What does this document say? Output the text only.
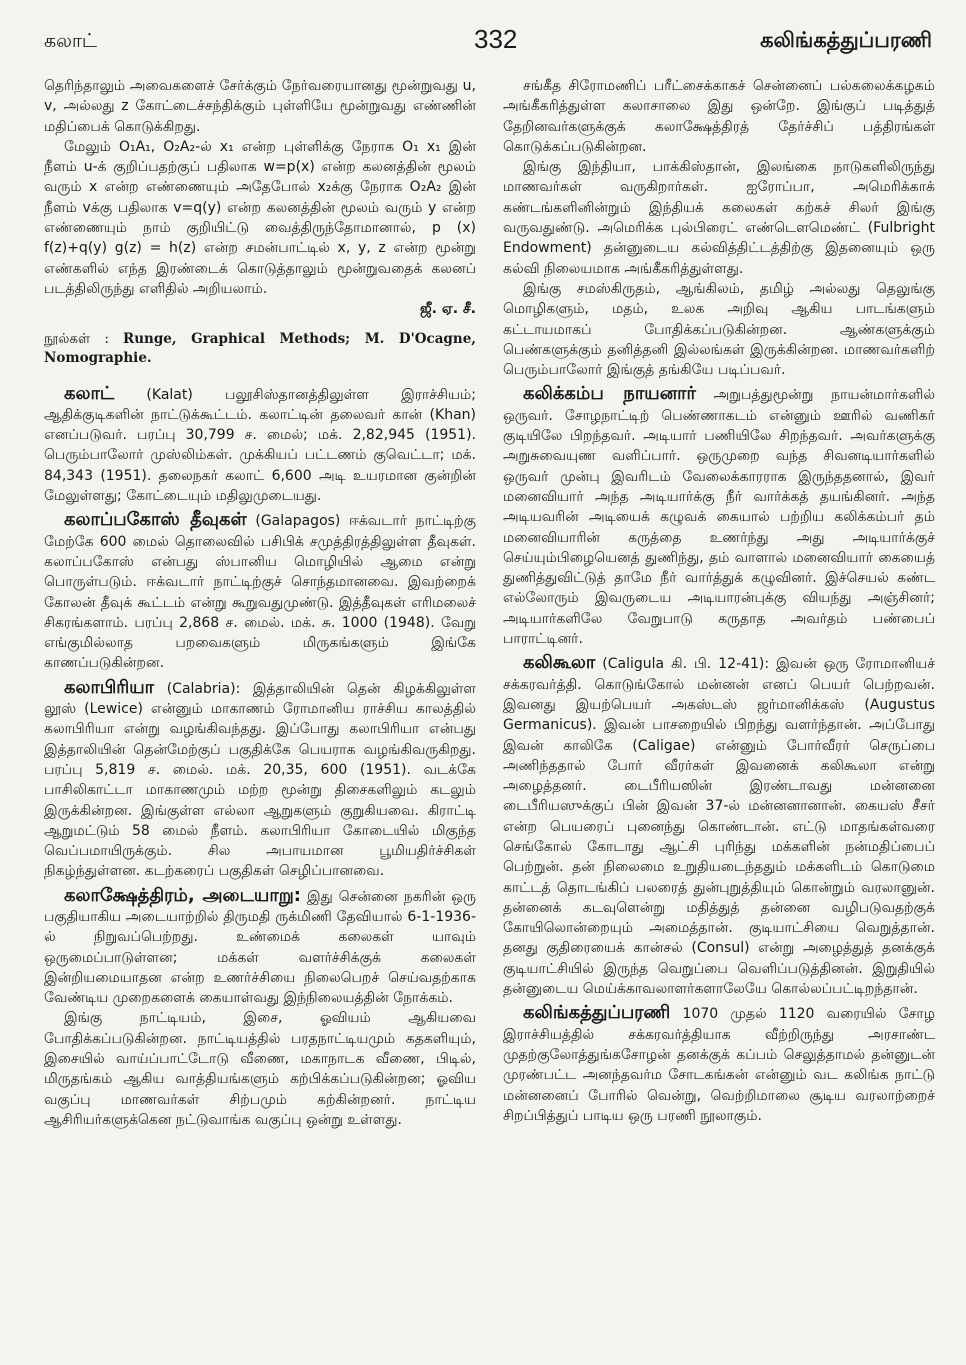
கலாட்	332	கலிங்கத்துப்பரணி

தெரிந்தாலும் அவைகளைச் சேர்க்கும் நேர்வரையானது மூன்றுவது u, v, அல்லது z கோட்டைச்சந்திக்கும் புள்ளியே மூன்றுவது எண்ணின் மதிப்பைக் கொடுக்கிறது.

மேலும் O₁A₁, O₂A₂-ல் x₁ என்ற புள்ளிக்கு நேராக O₁ x₁ இன் நீளம் u-க் குறிப்பதற்குப் பதிலாக w=p(x) என்ற கலனத்தின் மூலம் வரும் x என்ற எண்ணையும் அதேபோல் x₂க்கு நேராக O₂A₂ இன் நீளம் vக்கு பதிலாக v=q(y) என்ற கலனத்தின் மூலம் வரும் y என்ற எண்ணையும் நாம் குறியிட்டு வைத்திருந்தோமானால், p (x) f(z)+q(y) g(z) = h(z) என்ற சமன்பாட்டில் x, y, z என்ற மூன்று எண்களில் எந்த இரண்டைக் கொடுத்தாலும் மூன்றுவதைக் கலனப் படத்திலிருந்து எளிதில் அறியலாம்.

ஜீ. ஏ. சீ.

நூல்கள் : Runge, Graphical Methods; M. D'Ocagne, Nomographie.

கலாட் (Kalat) பலூசிஸ்தானத்திலுள்ள இராச்சியம்; ஆதிக்குடிகளின் நாட்டுக்கூட்டம். கலாட்டின் தலைவர் கான் (Khan) எனப்படுவர். பரப்பு 30,799 ச. மைல்; மக். 2,82,945 (1951). பெரும்பாலோர் முஸ்லிம்கள். முக்கியப் பட்டணம் குவெட்டா; மக். 84,343 (1951). தலைநகர் கலாட் 6,600 அடி உயரமான குன்றின் மேலுள்ளது; கோட்டையும் மதிலுமுடையது.

கலாப்பகோஸ் தீவுகள் (Galapagos) ஈக்வடார் நாட்டிற்கு மேற்கே 600 மைல் தொலைவில் பசிபிக் சமுத்திரத்திலுள்ள தீவுகள். கலாப்பகோஸ் என்பது ஸ்பானிய மொழியில் ஆமை என்று பொருள்படும். ஈக்வடார் நாட்டிற்குச் சொந்தமானவை. இவற்றைக் கோலன் தீவுக் கூட்டம் என்று கூறுவதுமுண்டு. இத்தீவுகள் எரிமலைச் சிகரங்களாம். பரப்பு 2,868 ச. மைல். மக். சு. 1000 (1948). வேறு எங்குமில்லாத பறவைகளும் மிருகங்களும் இங்கே காணப்படுகின்றன.

கலாபிரியா (Calabria): இத்தாலியின் தென் கிழக்கிலுள்ள லூஸ் (Lewice) என்னும் மாகாணம் ரோமானிய ராச்சிய காலத்தில் கலாபிரியா என்று வழங்கிவந்தது. இப்போது கலாபிரியா என்பது இத்தாலியின் தென்மேற்குப் பகுதிக்கே பெயராக வழங்கிவருகிறது. பரப்பு 5,819 ச. மைல். மக். 20,35, 600 (1951). வடக்கே பாசிலிகாட்டா மாகாணமும் மற்ற மூன்று திசைகளிலும் கடலும் இருக்கின்றன. இங்குள்ள எல்லா ஆறுகளும் குறுகியவை. கிராட்டி ஆறுமட்டும் 58 மைல் நீளம். கலாபிரியா கோடையில் மிகுந்த வெப்பமாயிருக்கும். சில அபாயமான பூமியதிர்ச்சிகள் நிகழ்ந்துள்ளன. கடற்கரைப் பகுதிகள் செழிப்பானவை.

கலாக்ஷேத்திரம், அடையாறு: இது சென்னை நகரின் ஒரு பகுதியாகிய அடையாற்றில் திருமதி ருக்மிணி தேவியால் 6-1-1936-ல் நிறுவப்பெற்றது. உண்மைக் கலைகள் யாவும் ஒருமைப்பாடுள்ளன; மக்கள் வளர்ச்சிக்குக் கலைகள் இன்றியமையாதன என்ற உணர்ச்சியை நிலைபெறச் செய்வதற்காக வேண்டிய முறைகளைக் கையாள்வது இந்நிலையத்தின் நோக்கம்.

இங்கு நாட்டியம், இசை, ஓவியம் ஆகியவை போதிக்கப்படுகின்றன. நாட்டியத்தில் பரதநாட்டியமும் கதகளியும், இசையில் வாய்ப்பாட்டோடு வீணை, மகாநாடக வீணை, பிடில், மிருதங்கம் ஆகிய வாத்தியங்களும் கற்பிக்கப்படுகின்றன; ஓவிய வகுப்பு மாணவர்கள் சிற்பமும் கற்கின்றனர். நாட்டிய ஆசிரியர்களுக்கென நட்டுவாங்க வகுப்பு ஒன்று உள்ளது.

சங்கீத சிரோமணிப் பரீட்சைக்காகச் சென்னைப் பல்கலைக்கழகம் அங்கீகரித்துள்ள கலாசாலை இது ஒன்றே. இங்குப் படித்துத் தேறினவர்களுக்குக் கலாக்ஷேத்திரத் தேர்ச்சிப் பத்திரங்கள் கொடுக்கப்படுகின்றன.

இங்கு இந்தியா, பாக்கிஸ்தான், இலங்கை நாடுகளிலிருந்து மாணவர்கள் வருகிறார்கள். ஐரோப்பா, அமெரிக்காக் கண்டங்களினின்றும் இந்தியக் கலைகள் கற்கச் சிலர் இங்கு வருவதுண்டு. அமெரிக்க புல்பிரைட் எண்டௌமெண்ட் (Fulbright Endowment) தன்னுடைய கல்வித்திட்டத்திற்கு இதனையும் ஒரு கல்வி நிலையமாக அங்கீகரித்துள்ளது.

இங்கு சமஸ்கிருதம், ஆங்கிலம், தமிழ் அல்லது தெலுங்கு மொழிகளும், மதம், உலக அறிவு ஆகிய பாடங்களும் கட்டாயமாகப் போதிக்கப்படுகின்றன. ஆண்களுக்கும் பெண்களுக்கும் தனித்தனி இல்லங்கள் இருக்கின்றன. மாணவர்களிற் பெரும்பாலோர் இங்குத் தங்கியே படிப்பவர்.

கலிக்கம்ப நாயனார் அறுபத்துமூன்று நாயன்மார்களில் ஒருவர். சோழநாட்டிற் பெண்ணாகடம் என்னும் ஊரில் வணிகர் குடியிலே பிறந்தவர். அடியார் பணியிலே சிறந்தவர். அவர்களுக்கு அறுசுவையுண வளிப்பார். ஒருமுறை வந்த சிவனடியார்களில் ஒருவர் முன்பு இவரிடம் வேலைக்காரராக இருந்ததனால், இவர் மனைவியார் அந்த அடியார்க்கு நீர் வார்க்கத் தயங்கினர். அந்த அடியவரின் அடியைக் கழுவக் கையால் பற்றிய கலிக்கம்பர் தம் மனைவியாரின் கருத்தை உணர்ந்து அது அடியார்க்குச் செய்யும்பிழையெனத் துணிந்து, தம் வாளால் மனைவியார் கையைத் துணித்துவிட்டுத் தாமே நீர் வார்த்துக் கழுவினர். இச்செயல் கண்ட எல்லோரும் இவருடைய அடியாரன்புக்கு வியந்து அஞ்சினர்; அடியார்களிலே வேறுபாடு கருதாத அவர்தம் பண்பைப் பாராட்டினர்.

கலிகூலா (Caligula கி. பி. 12-41): இவன் ஒரு ரோமானியச் சக்கரவர்த்தி. கொடுங்கோல் மன்னன் எனப் பெயர் பெற்றவன். இவனது இயற்பெயர் அகஸ்டஸ் ஜர்மானிக்கஸ் (Augustus Germanicus). இவன் பாசறையில் பிறந்து வளர்ந்தான். அப்போது இவன் காலிகே (Caligae) என்னும் போர்வீரர் செருப்பை அணிந்ததால் போர் வீரர்கள் இவனைக் கலிகூலா என்று அழைத்தனர். டைபீரியஸின் இரண்டாவது மன்னனை டைபீரியஸுக்குப் பின் இவன் 37-ல் மன்னனானான். கையஸ் சீசர் என்ற பெயரைப் புனைந்து கொண்டான். எட்டு மாதங்கள்வரை செங்கோல் கோடாது ஆட்சி புரிந்து மக்களின் நன்மதிப்பைப் பெற்றுன். தன் நிலைமை உறுதியடைந்ததும் மக்களிடம் கொடுமை காட்டத் தொடங்கிப் பலரைத் துன்புறுத்தியும் கொன்றும் வரலானுன். தன்னைக் கடவுளென்று மதித்துத் தன்னை வழிபடுவதற்குக் கோயிலொன்றையும் அமைத்தான். குடியாட்சியை வெறுத்தான். தனது குதிரையைக் கான்சல் (Consul) என்று அழைத்துத் தனக்குக் குடியாட்சியில் இருந்த வெறுப்பை வெளிப்படுத்தினன். இறுதியில் தன்னுடைய மெய்க்காவலாளர்களாலேயே கொல்லப்பட்டிறந்தான்.

கலிங்கத்துப்பரணி 1070 முதல் 1120 வரையில் சோழ இராச்சியத்தில் சக்கரவர்த்தியாக வீற்றிருந்து அரசாண்ட முதற்குலோத்துங்கசோழன் தனக்குக் கப்பம் செலுத்தாமல் தன்னுடன் முரண்பட்ட அனந்தவர்ம சோடகங்கன் என்னும் வட கலிங்க நாட்டு மன்னனைப் போரில் வென்று, வெற்றிமாலை சூடிய வரலாற்றைச் சிறப்பித்துப் பாடிய ஒரு பரணி நூலாகும்.
